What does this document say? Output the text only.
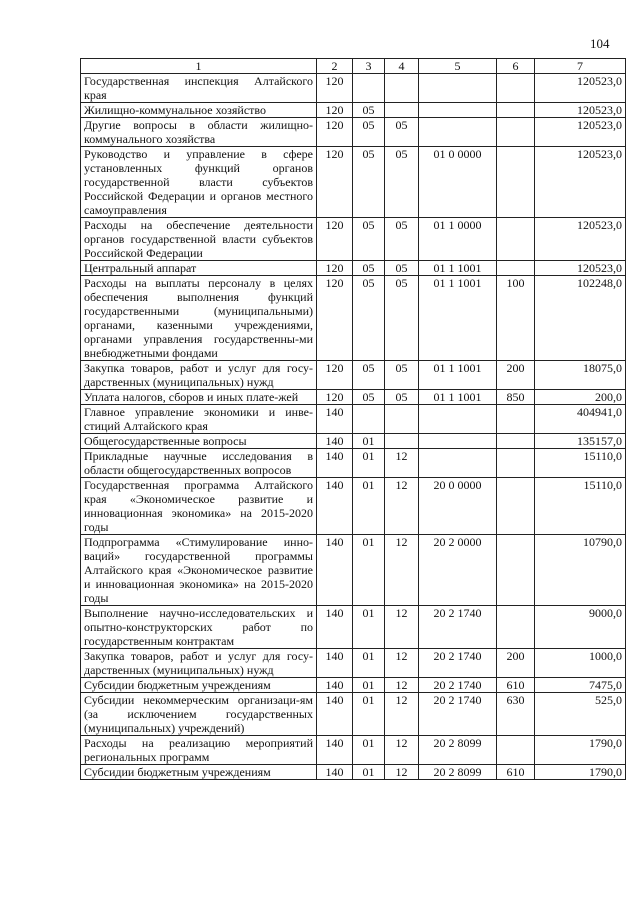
104
1	2	3	4	5	6	7
Государственная инспекция Алтайского края	120					120523,0
Жилищно-коммунальное хозяйство	120	05				120523,0
Другие вопросы в области жилищно-коммунального хозяйства	120	05	05			120523,0
Руководство и управление в сфере установленных функций органов государственной власти субъектов Российской Федерации и органов местного самоуправления	120	05	05	01 0 0000		120523,0
Расходы на обеспечение деятельности органов государственной власти субъектов Российской Федерации	120	05	05	01 1 0000		120523,0
Центральный аппарат	120	05	05	01 1 1001		120523,0
Расходы на выплаты персоналу в целях обеспечения выполнения функций государственными (муниципальными) органами, казенными учреждениями, органами управления государственны-ми внебюджетными фондами	120	05	05	01 1 1001	100	102248,0
Закупка товаров, работ и услуг для госу-дарственных (муниципальных) нужд	120	05	05	01 1 1001	200	18075,0
Уплата налогов, сборов и иных плате-жей	120	05	05	01 1 1001	850	200,0
Главное управление экономики и инве-стиций Алтайского края	140					404941,0
Общегосударственные вопросы	140	01				135157,0
Прикладные научные исследования в области общегосударственных вопросов	140	01	12			15110,0
Государственная программа Алтайского края «Экономическое развитие и инновационная экономика» на 2015-2020 годы	140	01	12	20 0 0000		15110,0
Подпрограмма «Стимулирование инно-ваций» государственной программы Алтайского края «Экономическое развитие и инновационная экономика» на 2015-2020 годы	140	01	12	20 2 0000		10790,0
Выполнение научно-исследовательских и опытно-конструкторских работ по государственным контрактам	140	01	12	20 2 1740		9000,0
Закупка товаров, работ и услуг для госу-дарственных (муниципальных) нужд	140	01	12	20 2 1740	200	1000,0
Субсидии бюджетным учреждениям	140	01	12	20 2 1740	610	7475,0
Субсидии некоммерческим организаци-ям (за исключением государственных (муниципальных) учреждений)	140	01	12	20 2 1740	630	525,0
Расходы на реализацию мероприятий региональных программ	140	01	12	20 2 8099		1790,0
Субсидии бюджетным учреждениям	140	01	12	20 2 8099	610	1790,0
